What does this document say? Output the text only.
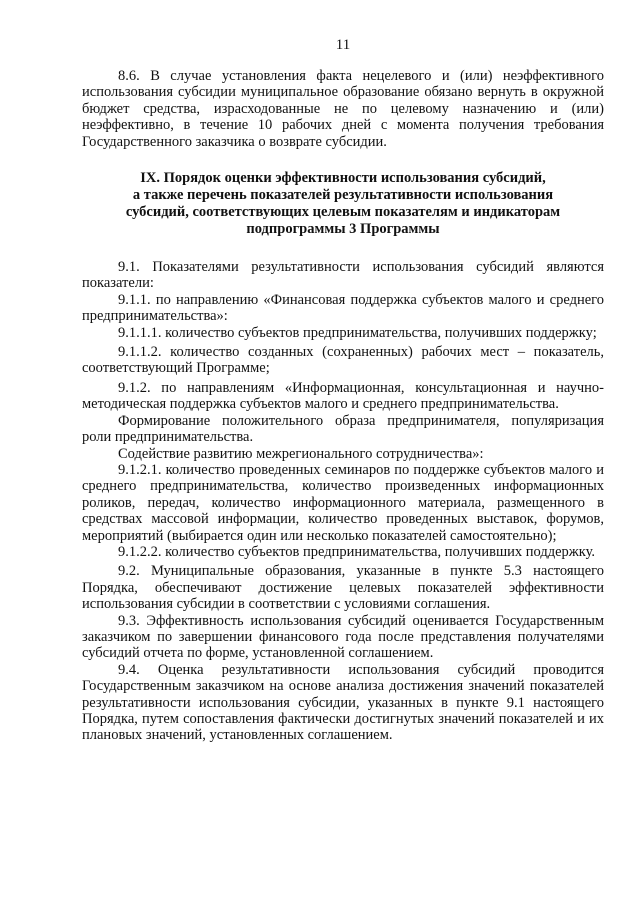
11

8.6. В случае установления факта нецелевого и (или) неэффективного использования субсидии муниципальное образование обязано вернуть в окружной бюджет средства, израсходованные не по целевому назначению и (или) неэффективно, в течение 10 рабочих дней с момента получения требования Государственного заказчика о возврате субсидии.

IX. Порядок оценки эффективности использования субсидий,
а также перечень показателей результативности использования
субсидий, соответствующих целевым показателям и индикаторам
подпрограммы 3 Программы

9.1. Показателями результативности использования субсидий являются показатели:

9.1.1. по направлению «Финансовая поддержка субъектов малого и среднего предпринимательства»:

9.1.1.1. количество субъектов предпринимательства, получивших поддержку;

9.1.1.2. количество созданных (сохраненных) рабочих мест – показатель, соответствующий Программе;

9.1.2. по направлениям «Информационная, консультационная и научно-методическая поддержка субъектов малого и среднего предпринимательства.

Формирование положительного образа предпринимателя, популяризация роли предпринимательства.

Содействие развитию межрегионального сотрудничества»:

9.1.2.1. количество проведенных семинаров по поддержке субъектов малого и среднего предпринимательства, количество произведенных информационных роликов, передач, количество информационного материала, размещенного в средствах массовой информации, количество проведенных выставок, форумов, мероприятий (выбирается один или несколько показателей самостоятельно);

9.1.2.2. количество субъектов предпринимательства, получивших поддержку.

9.2. Муниципальные образования, указанные в пункте 5.3 настоящего Порядка, обеспечивают достижение целевых показателей эффективности использования субсидии в соответствии с условиями соглашения.

9.3. Эффективность использования субсидий оценивается Государственным заказчиком по завершении финансового года после представления получателями субсидий отчета по форме, установленной соглашением.

9.4. Оценка результативности использования субсидий проводится Государственным заказчиком на основе анализа достижения значений показателей результативности использования субсидии, указанных в пункте 9.1 настоящего Порядка, путем сопоставления фактически достигнутых значений показателей и их плановых значений, установленных соглашением.
